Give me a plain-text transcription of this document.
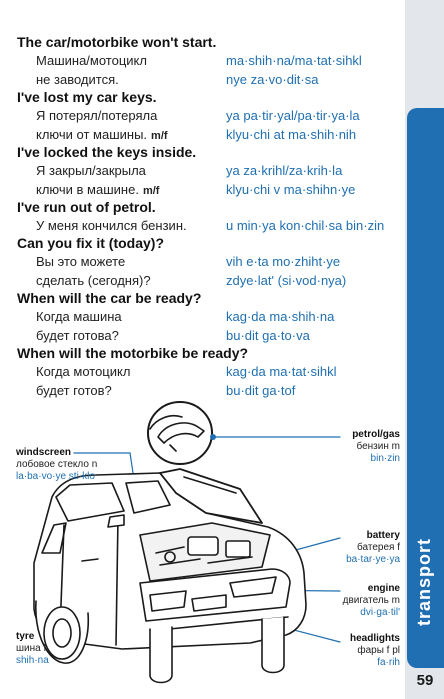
transport
59
The car/motorbike won't start.
Машина/мотоцикл	ma·shih·na/ma·tat·sihkl
не заводится.	nye za·vo·dit·sa
I've lost my car keys.
Я потерял/потеряла	ya pa·tir·yal/pa·tir·ya·la
ключи от машины. m/f	klyu·chi at ma·shih·nih
I've locked the keys inside.
Я закрыл/закрыла	ya za·krihl/za·krih·la
ключи в машине. m/f	klyu·chi v ma·shihn·ye
I've run out of petrol.
У меня кончился бензин.	u min·ya kon·chil·sa bin·zin
Can you fix it (today)?
Вы это можете	vih e·ta mo·zhiht·ye
сделать (сегодня)?	zdye·lat' (si·vod·nya)
When will the car be ready?
Когда машина	kag·da ma·shih·na
будет готова?	bu·dit ga·to·va
When will the motorbike be ready?
Когда мотоцикл	kag·da ma·tat·sihkl
будет готов?	bu·dit ga·tof
petrol/gas
бензин m
bin·zin
windscreen
лобовое стекло n
la·ba·vo·ye sti·klo
battery
батерея f
ba·tar·ye·ya
engine
двигатель m
dvi·ga·til'
tyre
шина f
shih·na
headlights
фары f pl
fa·rih
